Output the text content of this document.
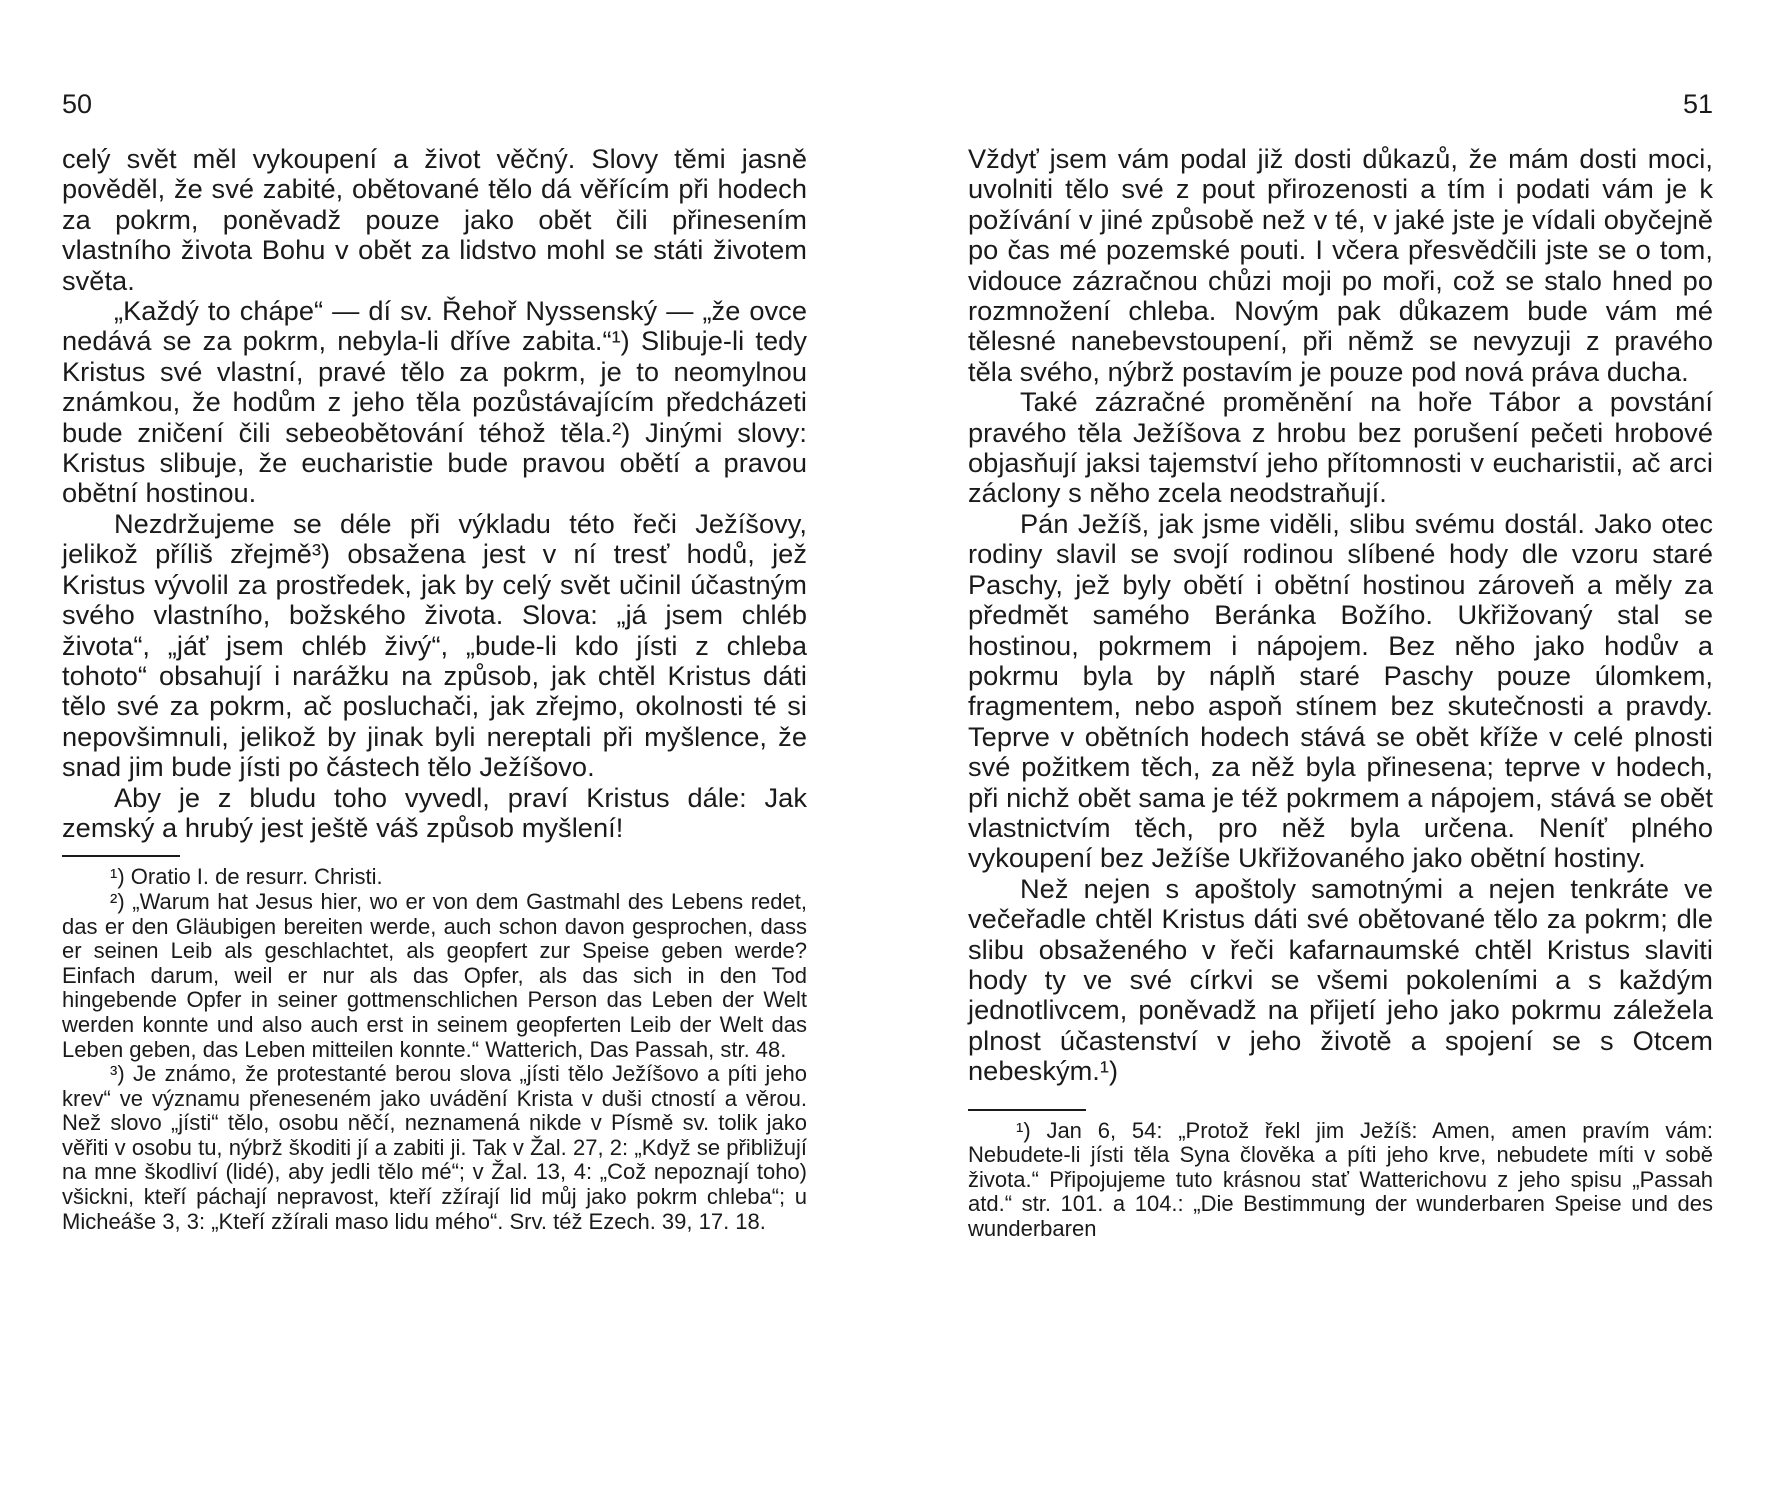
50

celý svět měl vykoupení a život věčný. Slovy těmi jasně pověděl, že své zabité, obětované tělo dá věřícím při hodech za pokrm, poněvadž pouze jako obět čili přinesením vlastního života Bohu v obět za lidstvo mohl se státi životem světa.

„Každý to chápe“ — dí sv. Řehoř Nyssenský — „že ovce nedává se za pokrm, nebyla-li dříve zabita.“¹) Slibuje-li tedy Kristus své vlastní, pravé tělo za pokrm, je to neomylnou známkou, že hodům z jeho těla pozůstávajícím předcházeti bude zničení čili sebeobětování téhož těla.²) Jinými slovy: Kristus slibuje, že eucharistie bude pravou obětí a pravou obětní hostinou.

Nezdržujeme se déle při výkladu této řeči Ježíšovy, jelikož příliš zřejmě³) obsažena jest v ní tresť hodů, jež Kristus vývolil za prostředek, jak by celý svět učinil účastným svého vlastního, božského života. Slova: „já jsem chléb života“, „jáť jsem chléb živý“, „bude-li kdo jísti z chleba tohoto“ obsahují i narážku na způsob, jak chtěl Kristus dáti tělo své za pokrm, ač posluchači, jak zřejmo, okolnosti té si nepovšimnuli, jelikož by jinak byli nereptali při myšlence, že snad jim bude jísti po částech tělo Ježíšovo.

Aby je z bludu toho vyvedl, praví Kristus dále: Jak zemský a hrubý jest ještě váš způsob myšlení!

¹) Oratio I. de resurr. Christi.

²) „Warum hat Jesus hier, wo er von dem Gastmahl des Lebens redet, das er den Gläubigen bereiten werde, auch schon davon gesprochen, dass er seinen Leib als geschlachtet, als geopfert zur Speise geben werde? Einfach darum, weil er nur als das Opfer, als das sich in den Tod hingebende Opfer in seiner gottmenschlichen Person das Leben der Welt werden konnte und also auch erst in seinem geopferten Leib der Welt das Leben geben, das Leben mitteilen konnte.“ Watterich, Das Passah, str. 48.

³) Je známo, že protestanté berou slova „jísti tělo Ježíšovo a píti jeho krev“ ve významu přeneseném jako uvádění Krista v duši ctností a věrou. Než slovo „jísti“ tělo, osobu něčí, neznamená nikde v Písmě sv. tolik jako věřiti v osobu tu, nýbrž škoditi jí a zabiti ji. Tak v Žal. 27, 2: „Když se přibližují na mne škodliví (lidé), aby jedli tělo mé“; v Žal. 13, 4: „Což nepoznají toho) všickni, kteří páchají nepravost, kteří zžírají lid můj jako pokrm chleba“; u Micheáše 3, 3: „Kteří zžírali maso lidu mého“. Srv. též Ezech. 39, 17. 18.

51

Vždyť jsem vám podal již dosti důkazů, že mám dosti moci, uvolniti tělo své z pout přirozenosti a tím i podati vám je k požívání v jiné způsobě než v té, v jaké jste je vídali obyčejně po čas mé pozemské pouti. I včera přesvědčili jste se o tom, vidouce zázračnou chůzi moji po moři, což se stalo hned po rozmnožení chleba. Novým pak důkazem bude vám mé tělesné nanebevstoupení, při němž se nevyzuji z pravého těla svého, nýbrž postavím je pouze pod nová práva ducha.

Také zázračné proměnění na hoře Tábor a povstání pravého těla Ježíšova z hrobu bez porušení pečeti hrobové objasňují jaksi tajemství jeho přítomnosti v eucharistii, ač arci záclony s něho zcela neodstraňují.

Pán Ježíš, jak jsme viděli, slibu svému dostál. Jako otec rodiny slavil se svojí rodinou slíbené hody dle vzoru staré Paschy, jež byly obětí i obětní hostinou zároveň a měly za předmět samého Beránka Božího. Ukřižovaný stal se hostinou, pokrmem i nápojem. Bez něho jako hodův a pokrmu byla by náplň staré Paschy pouze úlomkem, fragmentem, nebo aspoň stínem bez skutečnosti a pravdy. Teprve v obětních hodech stává se obět kříže v celé plnosti své požitkem těch, za něž byla přinesena; teprve v hodech, při nichž obět sama je též pokrmem a nápojem, stává se obět vlastnictvím těch, pro něž byla určena. Neníť plného vykoupení bez Ježíše Ukřižovaného jako obětní hostiny.

Než nejen s apoštoly samotnými a nejen tenkráte ve večeřadle chtěl Kristus dáti své obětované tělo za pokrm; dle slibu obsaženého v řeči kafarnaumské chtěl Kristus slaviti hody ty ve své církvi se všemi pokoleními a s každým jednotlivcem, poněvadž na přijetí jeho jako pokrmu záležela plnost účastenství v jeho životě a spojení se s Otcem nebeským.¹)

¹) Jan 6, 54: „Protož řekl jim Ježíš: Amen, amen pravím vám: Nebudete-li jísti těla Syna člověka a píti jeho krve, nebudete míti v sobě života.“ Připojujeme tuto krásnou stať Watterichovu z jeho spisu „Passah atd.“ str. 101. a 104.: „Die Bestimmung der wunderbaren Speise und des wunderbaren
